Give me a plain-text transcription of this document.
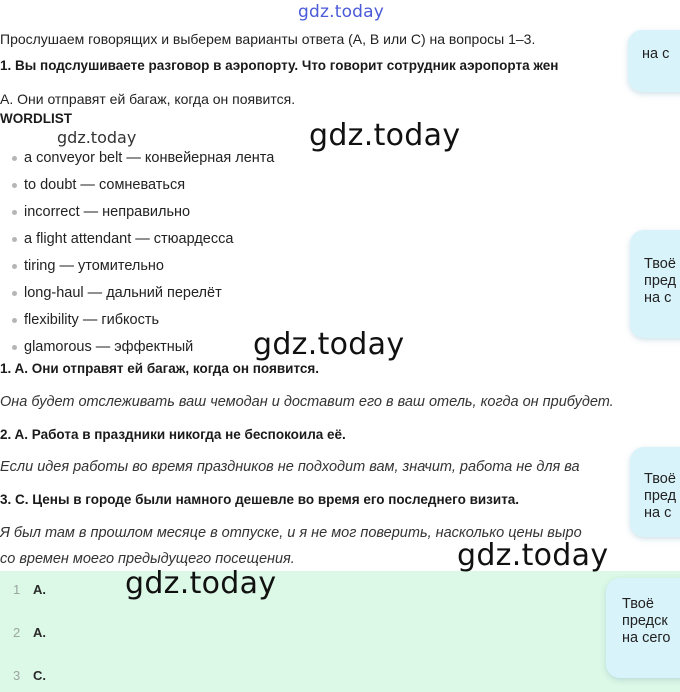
gdz.today
Прослушаем говорящих и выберем варианты ответа (A, B или C) на вопросы 1–3.
1. Вы подслушиваете разговор в аэропорту. Что говорит сотрудник аэропорта жен
A. Они отправят ей багаж, когда он появится.
WORDLIST
gdz.today
a conveyor belt — конвейерная лента
to doubt — сомневаться
incorrect — неправильно
a flight attendant — стюардесса
tiring — утомительно
long-haul — дальний перелёт
flexibility — гибкость
glamorous — эффектный
gdz.today
gdz.today
1. A. Они отправят ей багаж, когда он появится.
Она будет отслеживать ваш чемодан и доставит его в ваш отель, когда он прибудет.
2. A. Работа в праздники никогда не беспокоила её.
Если идея работы во время праздников не подходит вам, значит, работа не для ва
3. C. Цены в городе были намного дешевле во время его последнего визита.
Я был там в прошлом месяце в отпуске, и я не мог поверить, насколько цены выро
со времен моего предыдущего посещения.
1 A.
2 A.
3 C.
gdz.today
gdz.today
на с
Твоё
пред
на с
Твоё
пред
на с
Твоё
предск
на сего
